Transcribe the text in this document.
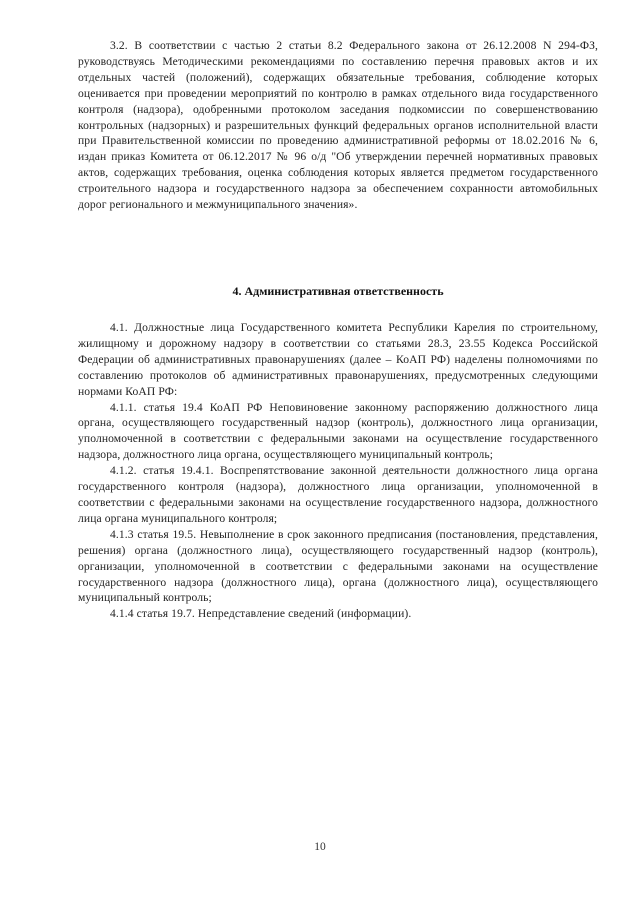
3.2. В соответствии с частью 2 статьи 8.2 Федерального закона от 26.12.2008 N 294-ФЗ, руководствуясь Методическими рекомендациями по составлению перечня правовых актов и их отдельных частей (положений), содержащих обязательные требования, соблюдение которых оценивается при проведении мероприятий по контролю в рамках отдельного вида государственного контроля (надзора), одобренными протоколом заседания подкомиссии по совершенствованию контрольных (надзорных) и разрешительных функций федеральных органов исполнительной власти при Правительственной комиссии по проведению административной реформы от 18.02.2016 № 6, издан приказ Комитета от 06.12.2017 № 96 о/д "Об утверждении перечней нормативных правовых актов, содержащих требования, оценка соблюдения которых является предметом государственного строительного надзора и государственного надзора за обеспечением сохранности автомобильных дорог регионального и межмуниципального значения».

4. Административная ответственность

4.1. Должностные лица Государственного комитета Республики Карелия по строительному, жилищному и дорожному надзору в соответствии со статьями 28.3, 23.55 Кодекса Российской Федерации об административных правонарушениях (далее – КоАП РФ) наделены полномочиями по составлению протоколов об административных правонарушениях, предусмотренных следующими нормами КоАП РФ:

4.1.1. статья 19.4 КоАП РФ Неповиновение законному распоряжению должностного лица органа, осуществляющего государственный надзор (контроль), должностного лица организации, уполномоченной в соответствии с федеральными законами на осуществление государственного надзора, должностного лица органа, осуществляющего муниципальный контроль;

4.1.2. статья 19.4.1. Воспрепятствование законной деятельности должностного лица органа государственного контроля (надзора), должностного лица организации, уполномоченной в соответствии с федеральными законами на осуществление государственного надзора, должностного лица органа муниципального контроля;

4.1.3 статья 19.5. Невыполнение в срок законного предписания (постановления, представления, решения) органа (должностного лица), осуществляющего государственный надзор (контроль), организации, уполномоченной в соответствии с федеральными законами на осуществление государственного надзора (должностного лица), органа (должностного лица), осуществляющего муниципальный контроль;

4.1.4 статья 19.7. Непредставление сведений (информации).

10
